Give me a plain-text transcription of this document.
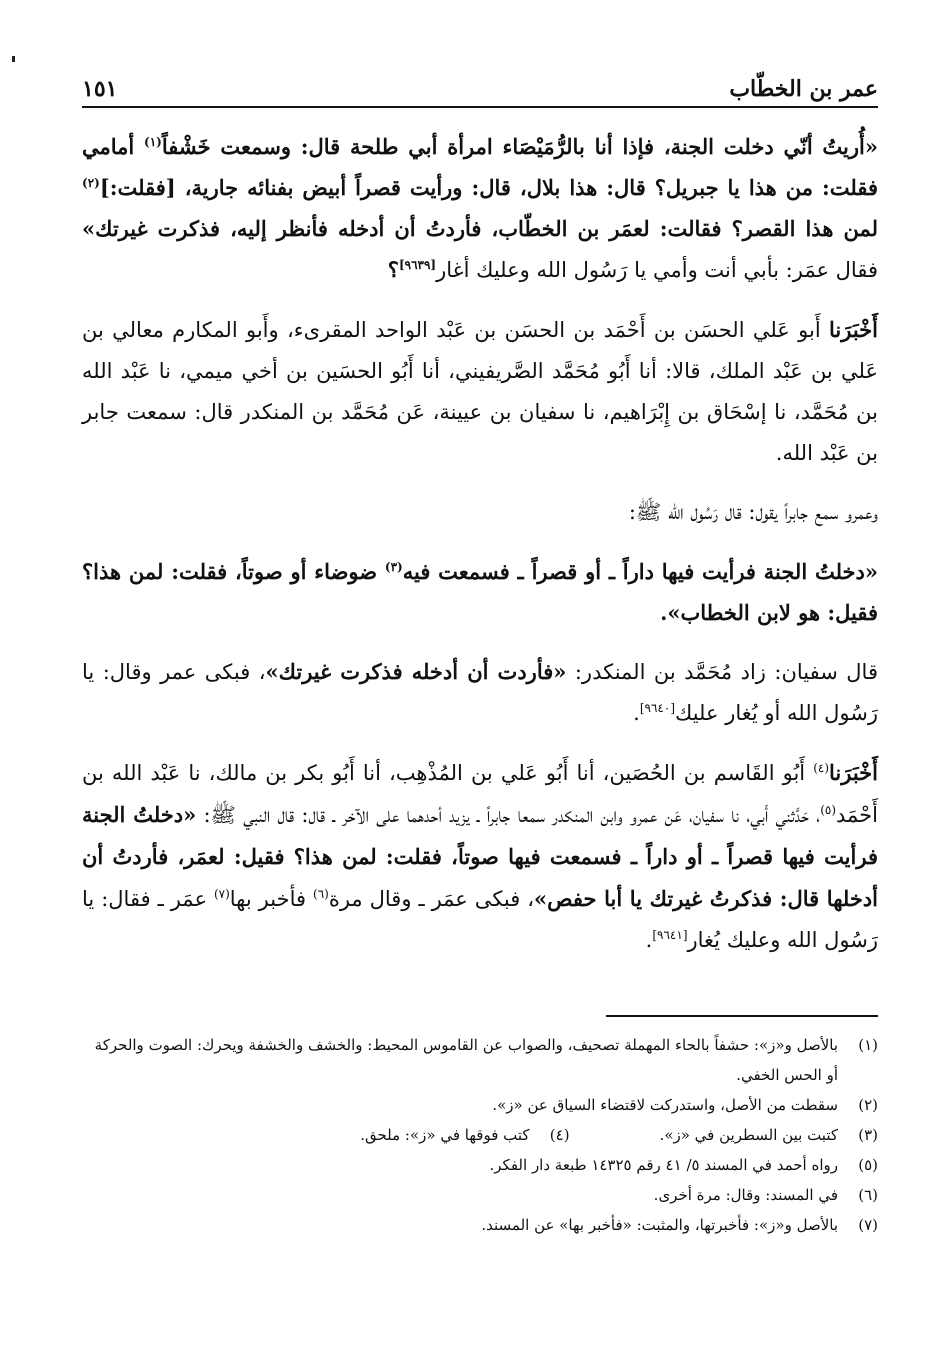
عمر بن الخطّاب
١٥١

«أُريتُ أنّي دخلت الجنة، فإذا أنا بالرُّمَيْصَاء امرأة أبي طلحة قال: وسمعت خَشْفاً$^{(١)}$ أمامي فقلت: من هذا يا جبريل؟ قال: هذا بلال، قال: ورأيت قصراً أبيض بفنائه جارية، [فقلت:]$^{(٢)}$ لمن هذا القصر؟ فقالت: لعمَر بن الخطّاب، فأردتُ أن أدخله فأنظر إليه، فذكرت غيرتك» فقال عمَر: بأبي أنت وأمي يا رَسُول الله وعليك أغار[٩٦٣٩]؟

أَخْبَرَنا أَبو عَلي الحسَن بن أَحْمَد بن الحسَن بن عَبْد الواحد المقرىء، وأَبو المكارم معالي بن عَلي بن عَبْد الملك، قالا: أنا أَبُو مُحَمَّد الصَّريفيني، أنا أَبُو الحسَين بن أخي ميمي، نا عَبْد الله بن مُحَمَّد، نا إسْحَاق بن إِبْرَاهيم، نا سفيان بن عيينة، عَن مُحَمَّد بن المنكدر قال: سمعت جابر بن عَبْد الله.

وعمرو سمع جابراً يقول: قال رَسُول الله ﷺ:

«دخلتُ الجنة فرأيت فيها داراً ـ أو قصراً ـ فسمعت فيه$^{(٣)}$ ضوضاء أو صوتاً، فقلت: لمن هذا؟ فقيل: هو لابن الخطاب».

قال سفيان: زاد مُحَمَّد بن المنكدر: «فأردت أن أدخله فذكرت غيرتك»، فبكى عمر وقال: يا رَسُول الله أو يُغار عليك[٩٦٤٠].

أَخْبَرَنا$^{(٤)}$ أَبُو القَاسم بن الحُصَين، أنا أَبُو عَلي بن المُذْهِب، أنا أَبُو بكر بن مالك، نا عَبْد الله بن أَحْمَد$^{(٥)}$، حَدَّثني أَبي، نا سفيان، عَن عمرو وابن المنكدر سمعا جابراً ـ يزيد أحدهما على الآخر ـ قال: قال النبي ﷺ: «دخلتُ الجنة فرأيت فيها قصراً ـ أو داراً ـ فسمعت فيها صوتاً، فقلت: لمن هذا؟ فقيل: لعمَر، فأردتُ أن أدخلها قال: فذكرتُ غيرتك يا أبا حفص»، فبكى عمَر ـ وقال مرة$^{(٦)}$ فأخبر بها$^{(٧)}$ عمَر ـ فقال: يا رَسُول الله وعليك يُغار[٩٦٤١].

(١)
بالأصل و«ز»: حشفاً بالحاء المهملة تصحيف، والصواب عن القاموس المحيط: والخشف والخشفة ويحرك: الصوت والحركة أو الحس الخفي.
(٢)
سقطت من الأصل، واستدركت لاقتضاء السياق عن «ز».
(٣)
كتبت بين السطرين في «ز».
(٤)
كتب فوقها في «ز»: ملحق.
(٥)
رواه أحمد في المسند ٥/ ٤١ رقم ١٤٣٢٥ طبعة دار الفكر.
(٦)
في المسند: وقال: مرة أخرى.
(٧)
بالأصل و«ز»: فأخبرتها، والمثبت: «فأخبر بها» عن المسند.
